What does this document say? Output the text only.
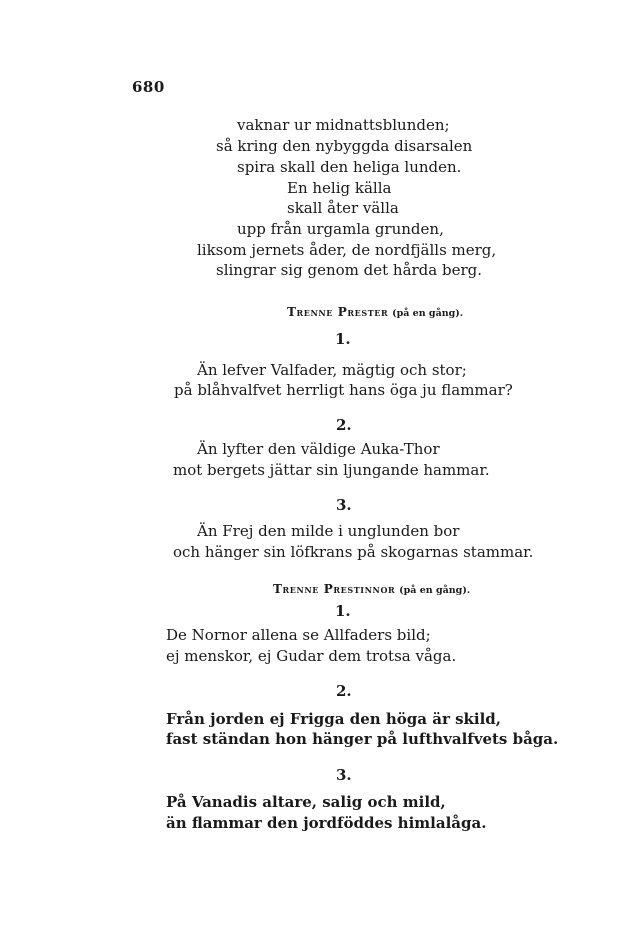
680
vaknar ur midnattsblunden;
så kring den nybyggda disarsalen
spira skall den heliga lunden.
En helig källa
skall åter välla
upp från urgamla grunden,
liksom jernets åder, de nordfjälls merg,
slingrar sig genom det hårda berg.
Trenne Prester (på en gång).
1.
Än lefver Valfader, mägtig och stor;
på blåhvalfvet herrligt hans öga ju flammar?
2.
Än lyfter den väldige Auka-Thor
mot bergets jättar sin ljungande hammar.
3.
Än Frej den milde i unglunden bor
och hänger sin löfkrans på skogarnas stammar.
Trenne Prestinnor (på en gång).
1.
De Nornor allena se Allfaders bild;
ej menskor, ej Gudar dem trotsa våga.
2.
Från jorden ej Frigga den höga är skild,
fast ständan hon hänger på lufthvalfvets båga.
3.
På Vanadis altare, salig och mild,
än flammar den jordföddes himlalåga.
